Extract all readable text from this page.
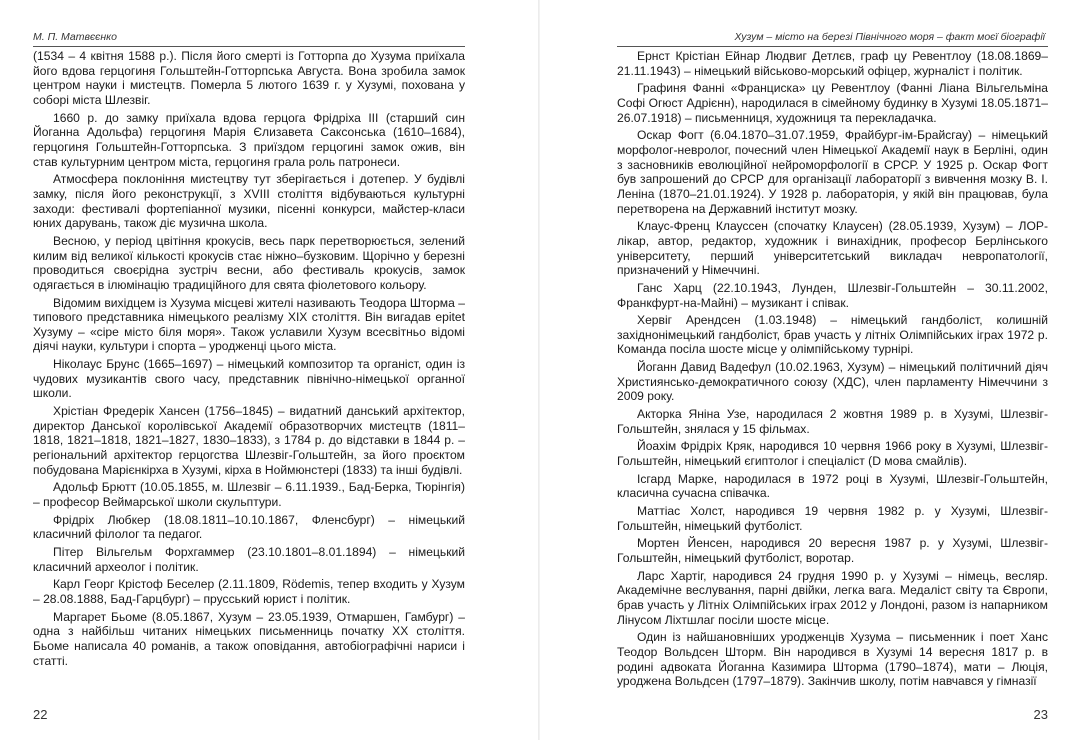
М. П. Матвєєнко

(1534 – 4 квітня 1588 р.). Після його смерті із Готторпа до Хузума приїхала його вдова герцогиня Гольштейн-Готторпська Августа. Вона зробила замок центром науки і мистецтв. Померла 5 лютого 1639 г. у Хузумі, похована у соборі міста Шлезвіг.

1660 р. до замку приїхала вдова герцога Фрідріха III (старший син Йоганна Адольфа) герцогиня Марія Єлизавета Саксонська (1610–1684), герцогиня Гольштейн-Готторпська. З приїздом герцогині замок ожив, він став культурним центром міста, герцогиня грала роль патронеси.

Атмосфера поклоніння мистецтву тут зберігається і дотепер. У будівлі замку, після його реконструкції, з XVIII століття відбуваються культурні заходи: фестивалі фортепіанної музики, пісенні конкурси, майстер-класи юних дарувань, також діє музична школа.

Весною, у період цвітіння крокусів, весь парк перетворюється, зелений килим від великої кількості крокусів стає ніжно–бузковим. Щорічно у березні проводиться своєрідна зустріч весни, або фестиваль крокусів, замок одягається в ілюмінацію традиційного для свята фіолетового кольору.

Відомим вихідцем із Хузума місцеві жителі називають Теодора Шторма – типового представника німецького реалізму XIX століття. Він вигадав epitet Хузуму – «сіре місто біля моря». Також уславили Хузум всесвітньо відомі діячі науки, культури і спорта – уродженці цього міста.

Ніколаус Брунс (1665–1697) – німецький композитор та органіст, один із чудових музикантів свого часу, представник північно-німецької органної школи.

Хрістіан Фредерік Хансен (1756–1845) – видатний данський архітектор, директор Данської королівської Академії образотворчих мистецтв (1811–1818, 1821–1818, 1821–1827, 1830–1833), з 1784 р. до відставки в 1844 р. – регіональний архітектор герцогства Шлезвіг-Гольштейн, за його проєктом побудована Марієнкірха в Хузумі, кірха в Ноймюнстері (1833) та інші будівлі.

Адольф Брютт (10.05.1855, м. Шлезвіг – 6.11.1939., Бад-Берка, Тюрінгія) – професор Веймарської школи скульптури.

Фрідріх Любкер (18.08.1811–10.10.1867, Фленсбург) – німецький класичний філолог та педагог.

Пітер Вільгельм Форхгаммер (23.10.1801–8.01.1894) – німецький класичний археолог і політик.

Карл Георг Крістоф Беселер (2.11.1809, Rödemis, тепер входить у Хузум – 28.08.1888, Бад-Гарцбург) – прусський юрист і політик.

Маргарет Бьоме (8.05.1867, Хузум – 23.05.1939, Отмаршен, Гамбург) – одна з найбільш читаних німецьких письменниць початку XX століття. Бьоме написала 40 романів, а також оповідання, автобіографічні нариси і статті.

22
Хузум – місто на березі Північного моря – факт моєї біографії

Ернст Крістіан Ейнар Людвиг Детлєв, граф цу Ревентлоу (18.08.1869–21.11.1943) – німецький військово-морський офіцер, журналіст і політик.

Графиня Фанні «Франциска» цу Ревентлоу (Фанні Ліана Вільгельміна Софі Огюст Адрієнн), народилася в сімейному будинку в Хузумі 18.05.1871–26.07.1918) – письменниця, художниця та перекладачка.

Оскар Фогт (6.04.1870–31.07.1959, Фрайбург-ім-Брайсгау) – німецький морфолог-невролог, почесний член Німецької Академії наук в Берліні, один з засновників еволюційної нейроморфології в СРСР. У 1925 р. Оскар Фогт був запрошений до СРСР для організації лабораторії з вивчення мозку В. І. Леніна (1870–21.01.1924). У 1928 р. лабораторія, у якій він працював, була перетворена на Державний інститут мозку.

Клаус-Френц Клауссен (спочатку Клаусен) (28.05.1939, Хузум) – ЛОР-лікар, автор, редактор, художник і винахідник, професор Берлінського університету, перший університетський викладач невропатології, призначений у Німеччині.

Ганс Харц (22.10.1943, Лунден, Шлезвіг-Гольштейн – 30.11.2002, Франкфурт-на-Майні) – музикант і співак.

Хервіг Арендсен (1.03.1948) – німецький гандболіст, колишній західнонімецький гандболіст, брав участь у літніх Олімпійських іграх 1972 р. Команда посіла шосте місце у олімпійському турнірі.

Йоганн Давид Вадефул (10.02.1963, Хузум) – німецький політичний діяч Християнсько-демократичного союзу (ХДС), член парламенту Німеччини з 2009 року.

Акторка Яніна Узе, народилася 2 жовтня 1989 р. в Хузумі, Шлезвіг-Гольштейн, знялася у 15 фільмах.

Йоахім Фрідріх Кряк, народився 10 червня 1966 року в Хузумі, Шлезвіг-Гольштейн, німецький єгиптолог і спеціаліст (D мова смайлів).

Ісгард Марке, народилася в 1972 році в Хузумі, Шлезвіг-Гольштейн, класична сучасна співачка.

Маттіас Холст, народився 19 червня 1982 р. у Хузумі, Шлезвіг-Гольштейн, німецький футболіст.

Мортен Йенсен, народився 20 вересня 1987 р. у Хузумі, Шлезвіг-Гольштейн, німецький футболіст, воротар.

Ларс Хартіг, народився 24 грудня 1990 р. у Хузумі – німець, весляр. Академічне веслування, парні двійки, легка вага. Медаліст світу та Європи, брав участь у Літніх Олімпійських іграх 2012 у Лондоні, разом із напарником Лінусом Ліхтшлаг посіли шосте місце.

Один із найшановніших уродженців Хузума – письменник і поет Ханс Теодор Вольдсен Шторм. Він народився в Хузумі 14 вересня 1817 р. в родині адвоката Йоганна Казимира Шторма (1790–1874), мати – Люція, уроджена Вольдсен (1797–1879). Закінчив школу, потім навчався у гімназії

23
